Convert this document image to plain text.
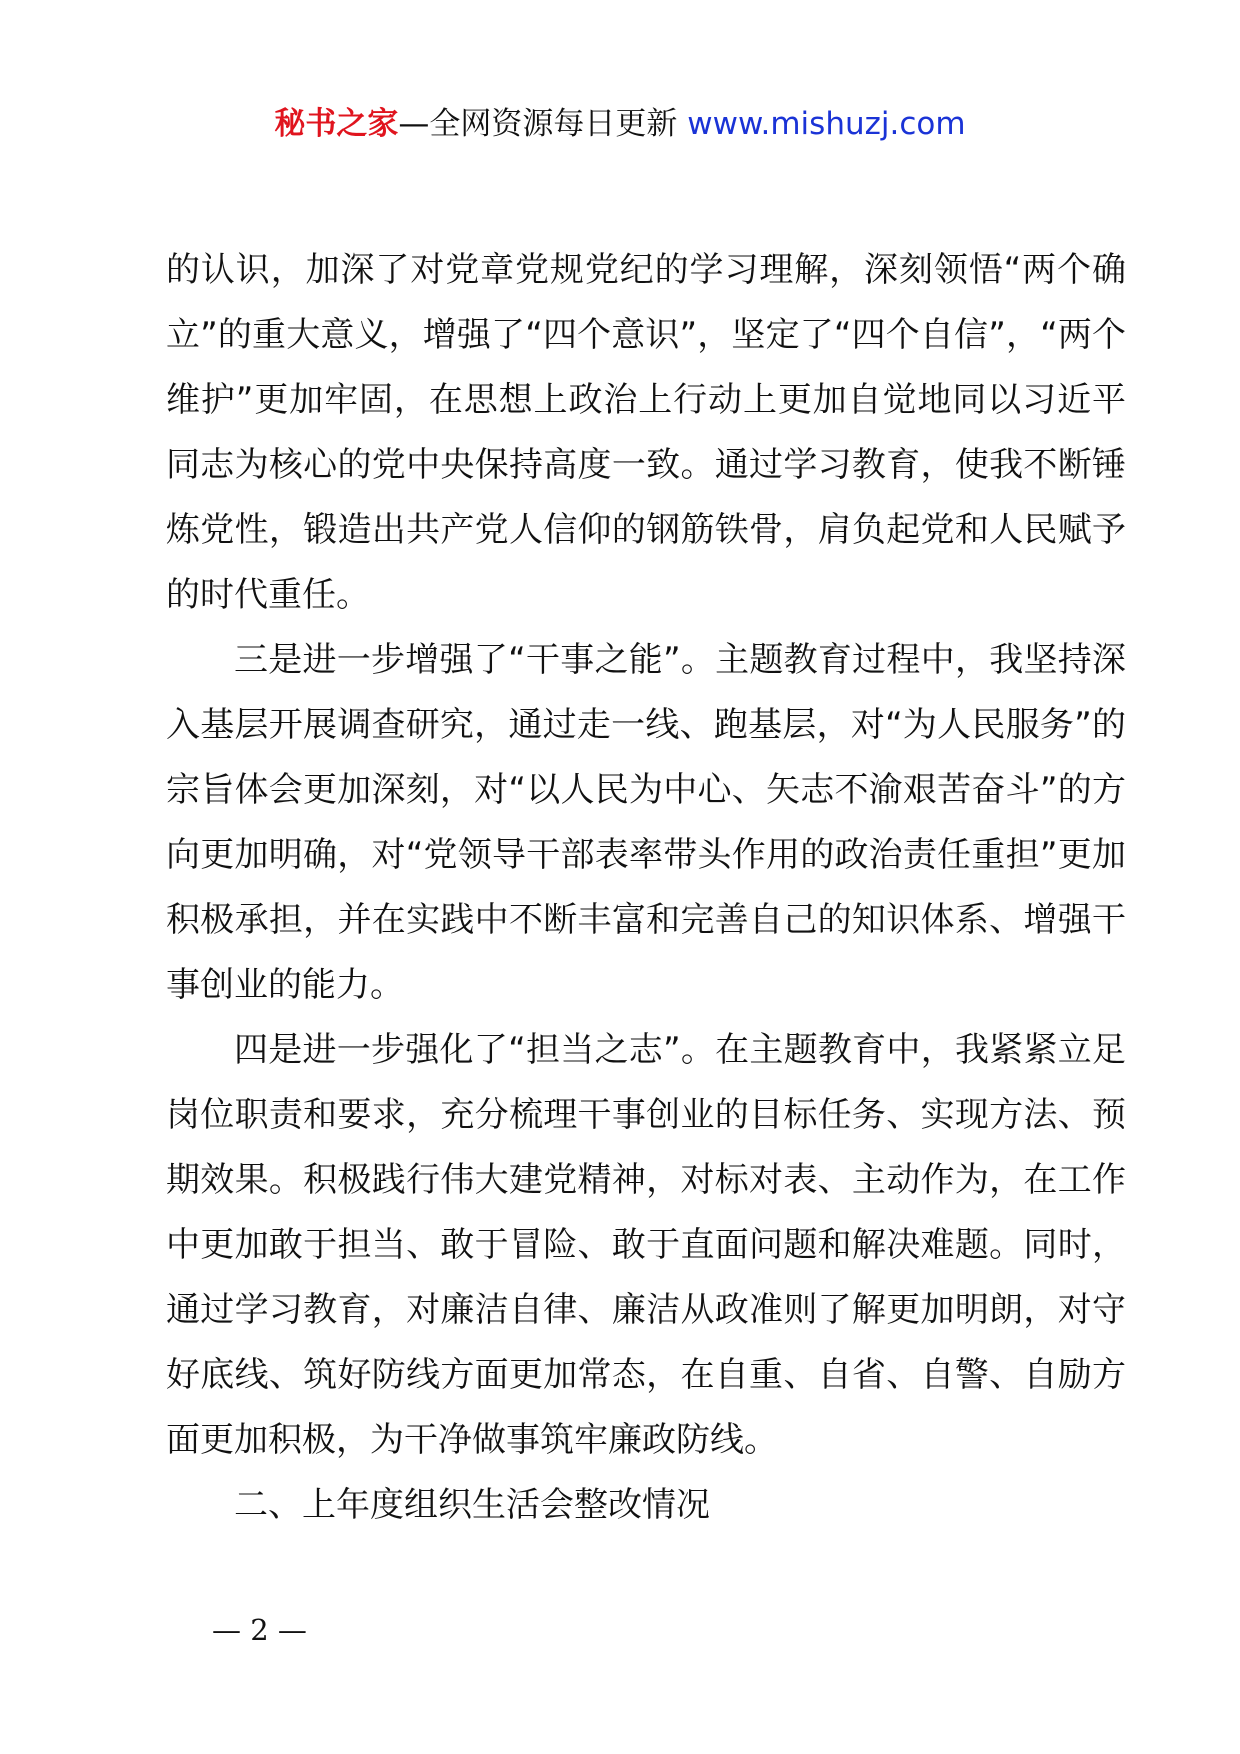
秘书之家—全网资源每日更新 www.mishuzj.com

的认识，加深了对党章党规党纪的学习理解，深刻领悟“两个确立”的重大意义，增强了“四个意识”，坚定了“四个自信”，“两个维护”更加牢固，在思想上政治上行动上更加自觉地同以习近平同志为核心的党中央保持高度一致。通过学习教育，使我不断锤炼党性，锻造出共产党人信仰的钢筋铁骨，肩负起党和人民赋予的时代重任。

三是进一步增强了“干事之能”。主题教育过程中，我坚持深入基层开展调查研究，通过走一线、跑基层，对“为人民服务”的宗旨体会更加深刻，对“以人民为中心、矢志不渝艰苦奋斗”的方向更加明确，对“党领导干部表率带头作用的政治责任重担”更加积极承担，并在实践中不断丰富和完善自己的知识体系、增强干事创业的能力。

四是进一步强化了“担当之志”。在主题教育中，我紧紧立足岗位职责和要求，充分梳理干事创业的目标任务、实现方法、预期效果。积极践行伟大建党精神，对标对表、主动作为，在工作中更加敢于担当、敢于冒险、敢于直面问题和解决难题。同时，通过学习教育，对廉洁自律、廉洁从政准则了解更加明朗，对守好底线、筑好防线方面更加常态，在自重、自省、自警、自励方面更加积极，为干净做事筑牢廉政防线。

二、上年度组织生活会整改情况

— 2 —
